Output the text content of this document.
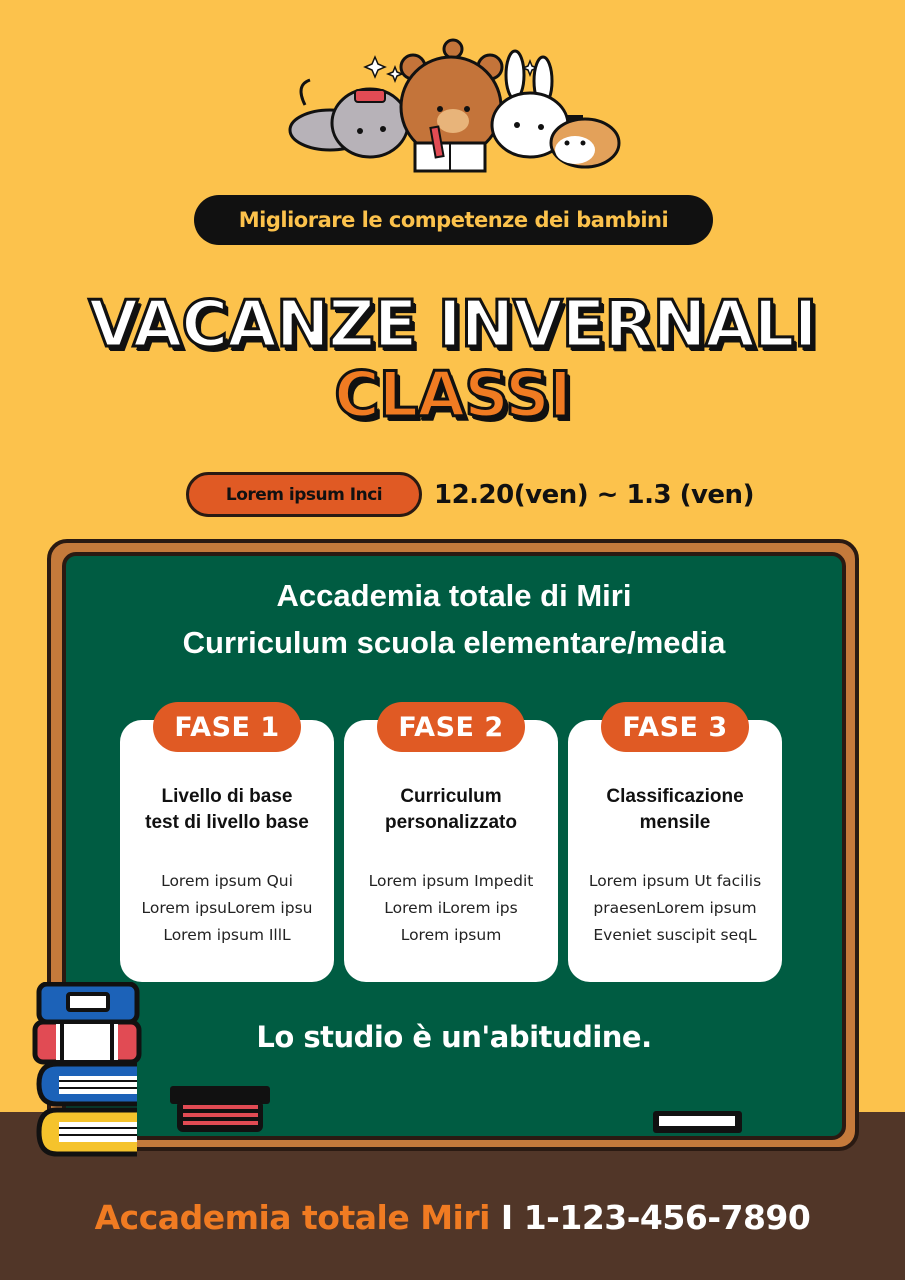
Migliorare le competenze dei bambini
VACANZE INVERNALI
CLASSI
Lorem ipsum Inci	12.20(ven) ~ 1.3 (ven)
Accademia totale di Miri
Curriculum scuola elementare/media
Livello di base
test di livello base
Lorem ipsum Qui
Lorem ipsuLorem ipsu
Lorem ipsum IllL
FASE 1
Curriculum
personalizzato
Lorem ipsum Impedit
Lorem iLorem ips
Lorem ipsum
FASE 2
Classificazione
mensile
Lorem ipsum Ut facilis
praesenLorem ipsum
Eveniet suscipit seqL
FASE 3
Lo studio è un'abitudine.
Accademia totale Miri I 1-123-456-7890
